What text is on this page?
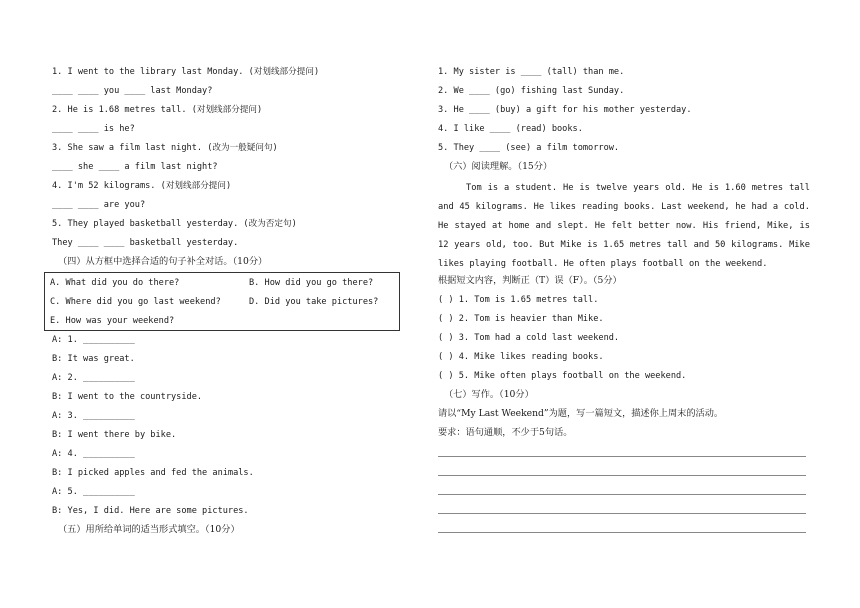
1. I went to the library last Monday. (对划线部分提问)
____ ____ you ____ last Monday?
2. He is 1.68 metres tall. (对划线部分提问)
____ ____ is he?
3. She saw a film last night. (改为一般疑问句)
____ she ____ a film last night?
4. I'm 52 kilograms. (对划线部分提问)
____ ____ are you?
5. They played basketball yesterday. (改为否定句)
They ____ ____ basketball yesterday.
（四）从方框中选择合适的句子补全对话。（10分）
A. What did you do there?	B. How did you go there?
C. Where did you go last weekend?	D. Did you take pictures?
E. How was your weekend?
A: 1. __________
B: It was great.
A: 2. __________
B: I went to the countryside.
A: 3. __________
B: I went there by bike.
A: 4. __________
B: I picked apples and fed the animals.
A: 5. __________
B: Yes, I did. Here are some pictures.
（五）用所给单词的适当形式填空。（10分）
1. My sister is ____ (tall) than me.
2. We ____ (go) fishing last Sunday.
3. He ____ (buy) a gift for his mother yesterday.
4. I like ____ (read) books.
5. They ____ (see) a film tomorrow.
（六）阅读理解。（15分）
Tom is a student. He is twelve years old. He is 1.60 metres tall and 45 kilograms. He likes reading books. Last weekend, he had a cold. He stayed at home and slept. He felt better now. His friend, Mike, is 12 years old, too. But Mike is 1.65 metres tall and 50 kilograms. Mike likes playing football. He often plays football on the weekend.
根据短文内容，判断正（T）误（F）。（5分）
( ) 1. Tom is 1.65 metres tall.
( ) 2. Tom is heavier than Mike.
( ) 3. Tom had a cold last weekend.
( ) 4. Mike likes reading books.
( ) 5. Mike often plays football on the weekend.
（七）写作。（10分）
请以“My Last Weekend”为题，写一篇短文，描述你上周末的活动。
要求：语句通顺，不少于5句话。
